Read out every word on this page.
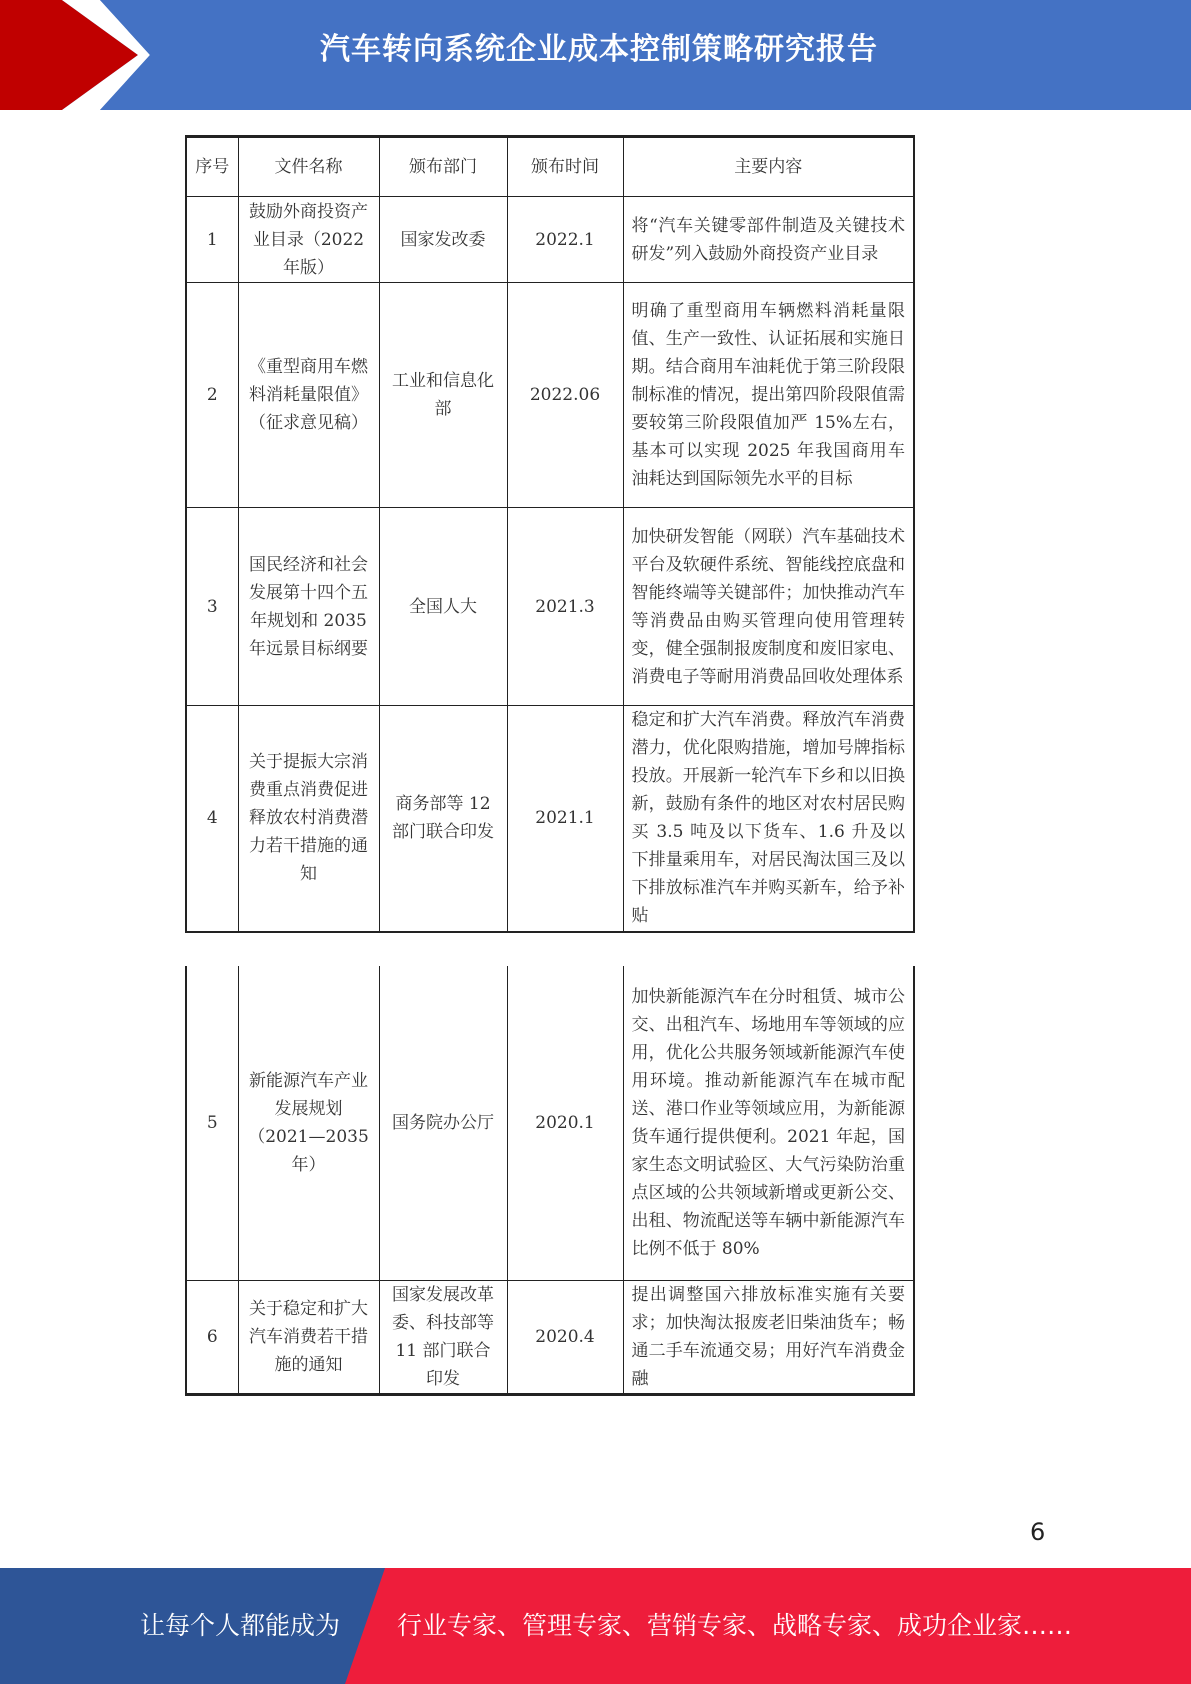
汽车转向系统企业成本控制策略研究报告
序号	文件名称	颁布部门	颁布时间	主要内容
1	鼓励外商投资产业目录（2022 年版）	国家发改委	2022.1	将“汽车关键零部件制造及关键技术研发”列入鼓励外商投资产业目录
2	《重型商用车燃料消耗量限值》（征求意见稿）	工业和信息化部	2022.06	明确了重型商用车辆燃料消耗量限值、生产一致性、认证拓展和实施日期。结合商用车油耗优于第三阶段限制标准的情况，提出第四阶段限值需要较第三阶段限值加严 15%左右，基本可以实现 2025 年我国商用车油耗达到国际领先水平的目标
3	国民经济和社会发展第十四个五年规划和 2035 年远景目标纲要	全国人大	2021.3	加快研发智能（网联）汽车基础技术平台及软硬件系统、智能线控底盘和智能终端等关键部件；加快推动汽车等消费品由购买管理向使用管理转变，健全强制报废制度和废旧家电、消费电子等耐用消费品回收处理体系
4	关于提振大宗消费重点消费促进释放农村消费潜力若干措施的通知	商务部等 12 部门联合印发	2021.1	稳定和扩大汽车消费。释放汽车消费潜力，优化限购措施，增加号牌指标投放。开展新一轮汽车下乡和以旧换新，鼓励有条件的地区对农村居民购买 3.5 吨及以下货车、1.6 升及以下排量乘用车，对居民淘汰国三及以下排放标准汽车并购买新车，给予补贴
5	新能源汽车产业发展规划（2021—2035 年）	国务院办公厅	2020.1	加快新能源汽车在分时租赁、城市公交、出租汽车、场地用车等领域的应用，优化公共服务领域新能源汽车使用环境。推动新能源汽车在城市配送、港口作业等领域应用，为新能源货车通行提供便利。2021 年起，国家生态文明试验区、大气污染防治重点区域的公共领域新增或更新公交、出租、物流配送等车辆中新能源汽车比例不低于 80%
6	关于稳定和扩大汽车消费若干措施的通知	国家发展改革委、科技部等 11 部门联合印发	2020.4	提出调整国六排放标准实施有关要求；加快淘汰报废老旧柴油货车；畅通二手车流通交易；用好汽车消费金融
6
让每个人都能成为 行业专家、管理专家、营销专家、战略专家、成功企业家……
